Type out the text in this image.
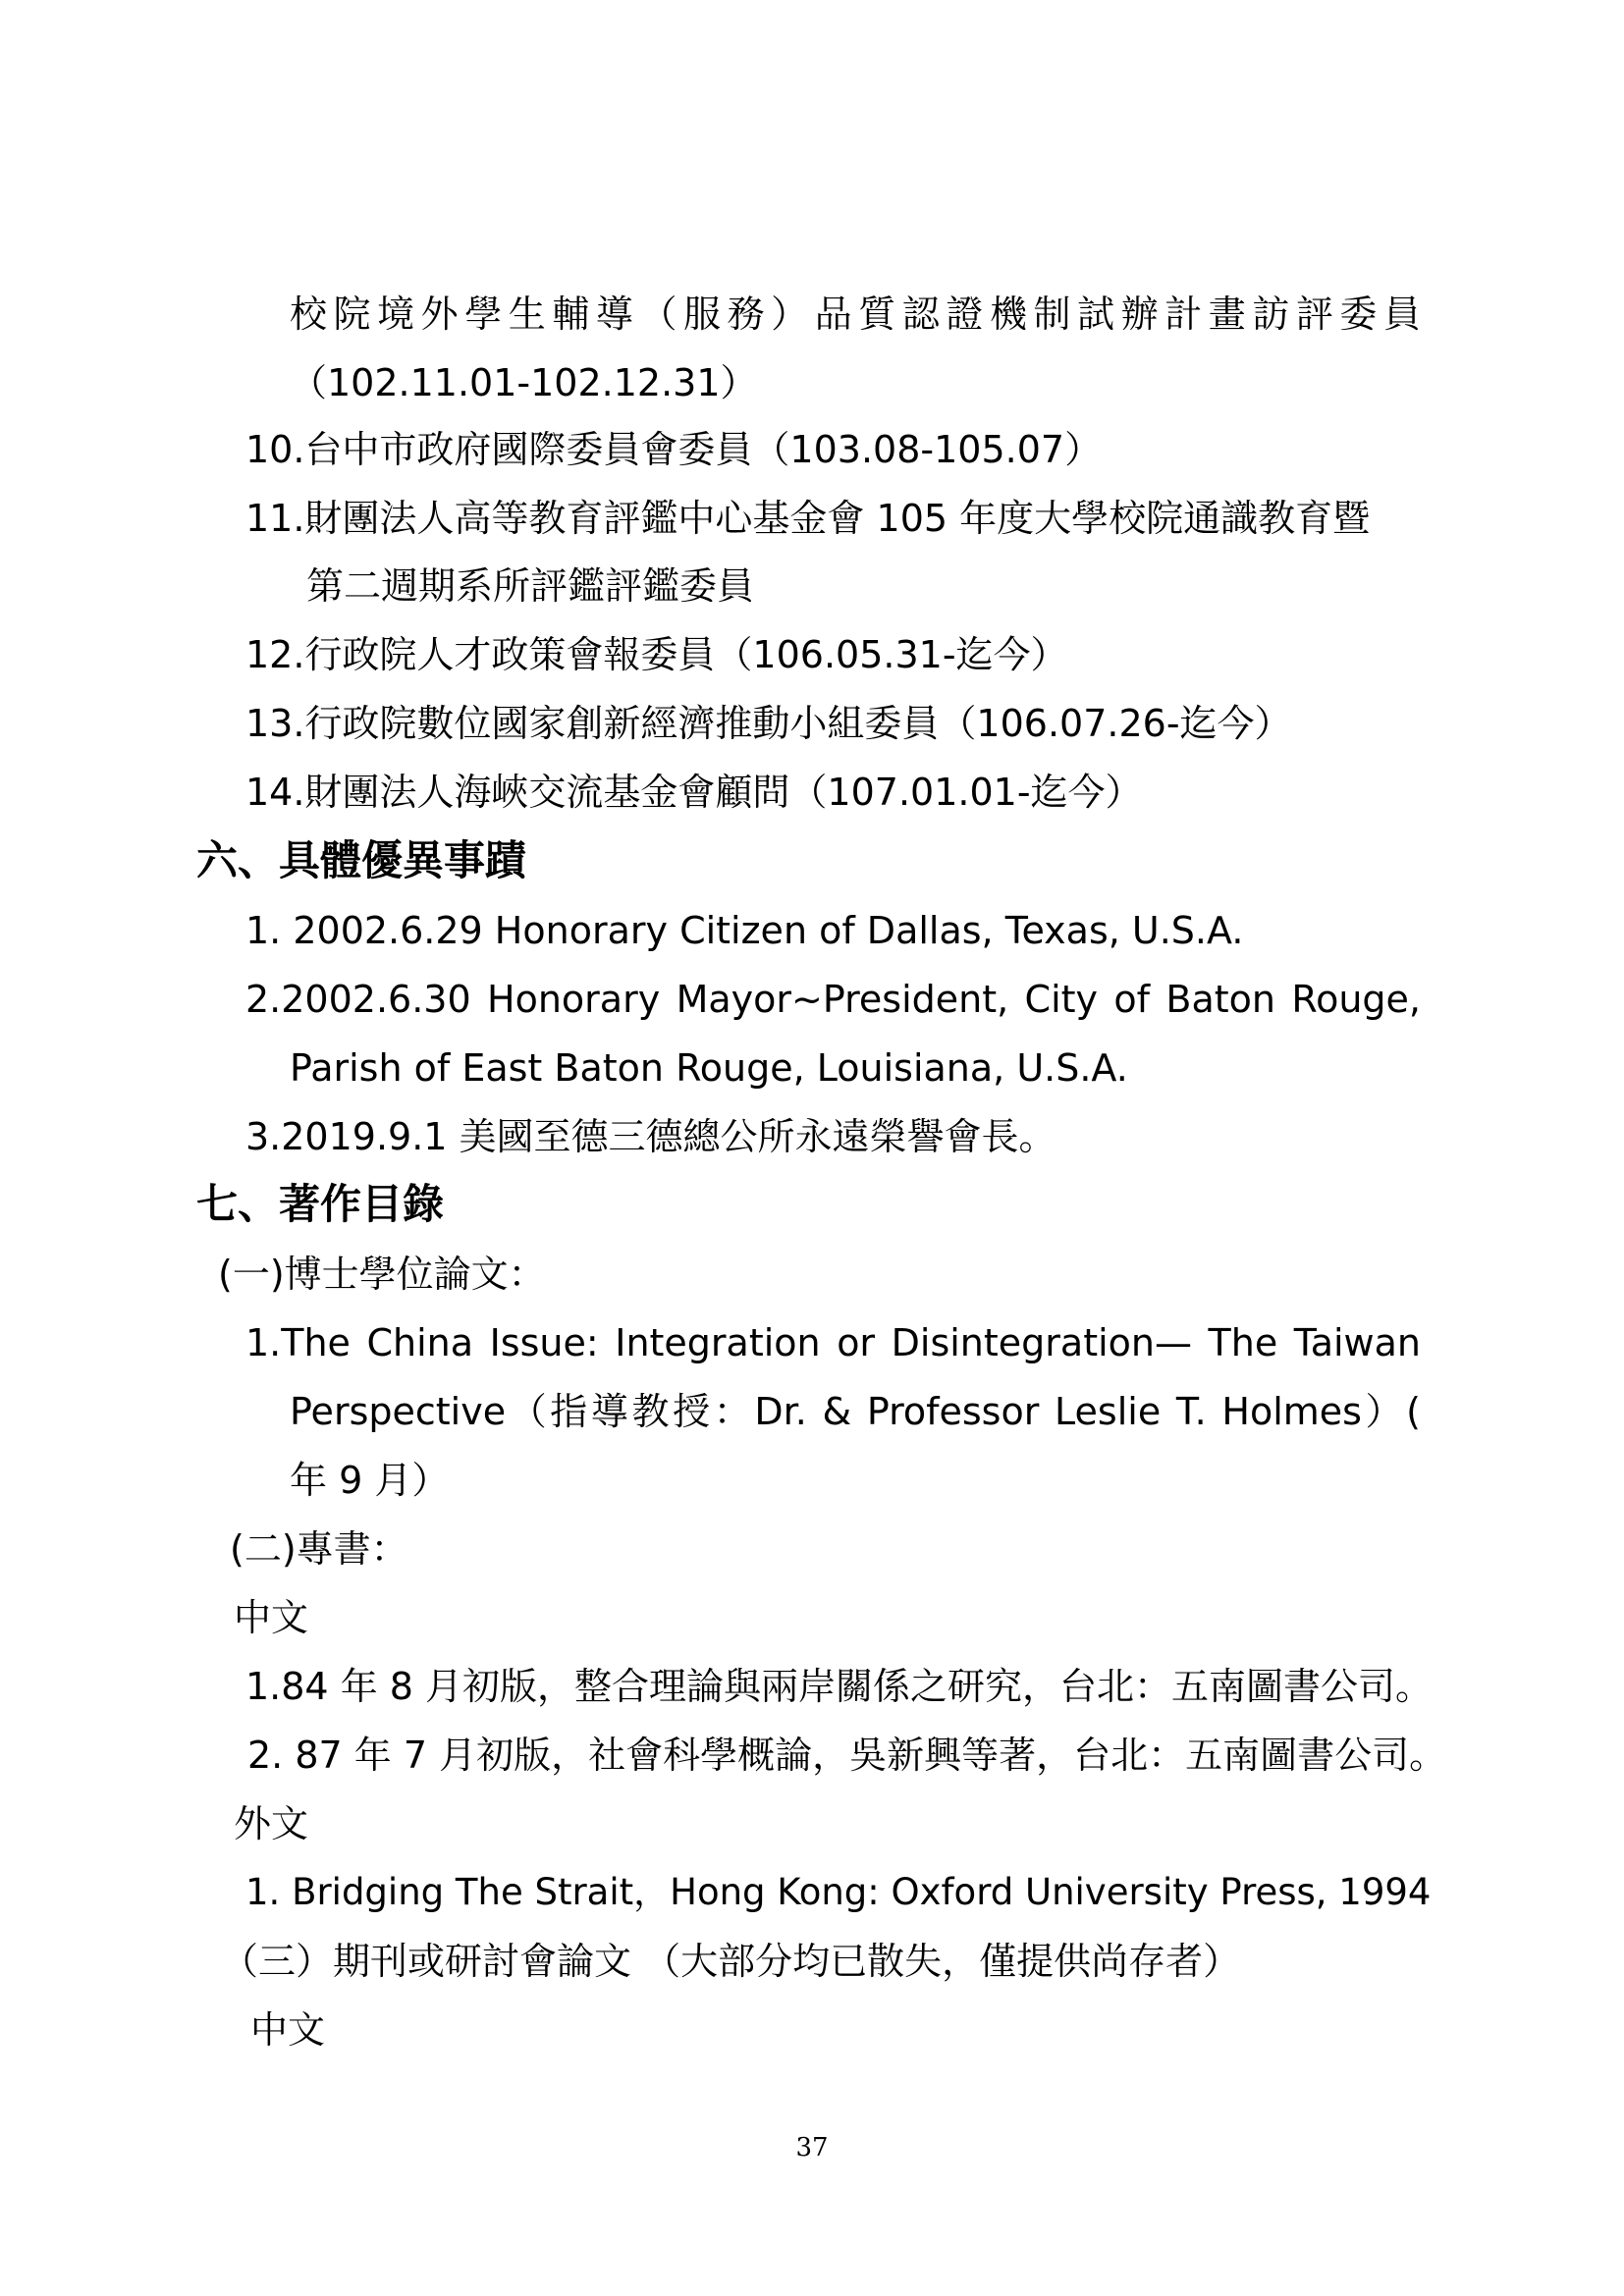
校院境外學生輔導（服務）品質認證機制試辦計畫訪評委員
（102.11.01-102.12.31）
10.台中市政府國際委員會委員（103.08-105.07）
11.財團法人高等教育評鑑中心基金會 105 年度大學校院通識教育暨
第二週期系所評鑑評鑑委員
12.行政院人才政策會報委員（106.05.31-迄今）
13.行政院數位國家創新經濟推動小組委員（106.07.26-迄今）
14.財團法人海峽交流基金會顧問（107.01.01-迄今）
六、具體優異事蹟
1. 2002.6.29 Honorary Citizen of Dallas, Texas, U.S.A.
2.2002.6.30 Honorary Mayor~President, City of Baton Rouge,
Parish of East Baton Rouge, Louisiana, U.S.A.
3.2019.9.1 美國至德三德總公所永遠榮譽會長。
七、著作目錄
(一)博士學位論文：
1.The China Issue: Integration or Disintegration— The Taiwan
Perspective（指導教授：Dr. & Professor Leslie T. Holmes）(
年 9 月）
(二)專書：
中文
1.84 年 8 月初版，整合理論與兩岸關係之研究，台北：五南圖書公司。
2. 87 年 7 月初版，社會科學概論，吳新興等著，台北：五南圖書公司。
外文
1. Bridging The Strait，Hong Kong: Oxford University Press, 1994
（三）期刊或研討會論文 （大部分均已散失，僅提供尚存者）
中文
37
